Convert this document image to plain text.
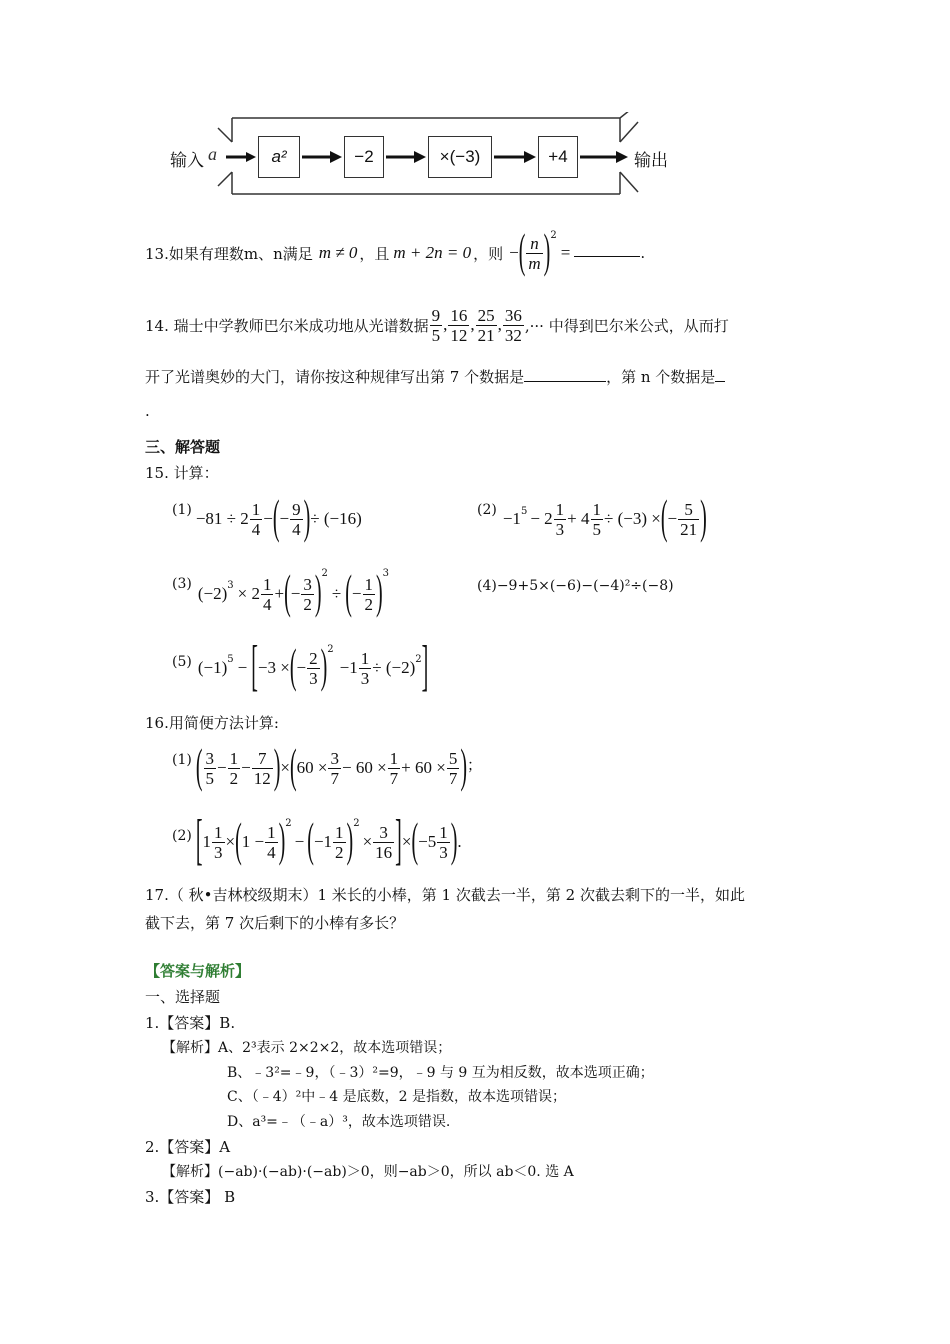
输入 a	a²	−2	×(−3)	+4	输出
13.如果有理数m、n满足 m ≠ 0 ，且 m + 2n = 0 ，则 − ( $\frac{n}{m} )^2$
=	.
14. 瑞士中学教师巴尔米成功地从光谱数据 $\frac{9}{5}$ , $\frac{16}{12}$ , $\frac{25}{21}$ , $\frac{36}{32}$ ,··· 中得到巴尔米公式，从而打
开了光谱奥妙的大门，请你按这种规律写出第 7 个数据是	，第 n 个数据是
.
三、解答题
15. 计算：
$(1) -81 \div 2 \frac{1}{4}$ − ( − $\frac{9}{4}$ ) ÷ (−16)	$(2) -1^5 - 2 \frac{1}{3} + 4 \frac{1}{5} \div (-3)$ × ( − $\frac{5}{21}$ )
(3) $(-2)^3 \times 2 \frac{1}{4}$ + ( − $\frac{3}{2} )^2$
÷ ( − $\frac{1}{2} )^3$
(4)−9+5×(−6)−(−4)²÷(−8)
(5) $(-1)^5$ − [ −3 × ( − $\frac{2}{3} )^2$
$-1 \frac{1}{3} \div (-2)^2$ ]
16.用简便方法计算:
(1) ( $\frac{3}{5} - \frac{1}{2} - \frac{7}{12}$ ) × ( $60 \times \frac{3}{7} - 60 \times \frac{1}{7} + 60 \times \frac{5}{7}$ ) ；
(2) [ $1 \frac{1}{3}$ × ( $1 - \frac{1}{4} )^2$
− ( $-1 \frac{1}{2} )^2$
× $\frac{3}{16}$ ] × ( $-5 \frac{1}{3}$ ) .
17.（ 秋•吉林校级期末）1 米长的小棒，第 1 次截去一半，第 2 次截去剩下的一半，如此
截下去，第 7 次后剩下的小棒有多长？
【答案与解析】
一、选择题
1.【答案】B.
【解析】A、2³表示 2×2×2，故本选项错误；
B、﹣3²=﹣9，（﹣3）²=9，﹣9 与 9 互为相反数，故本选项正确；
C、（﹣4）²中﹣4 是底数，2 是指数，故本选项错误；
D、a³=﹣（﹣a）³，故本选项错误.
2.【答案】A
【解析】(−ab)·(−ab)·(−ab)＞0，则−ab＞0，所以 ab＜0. 选 A
3.【答案】 B
